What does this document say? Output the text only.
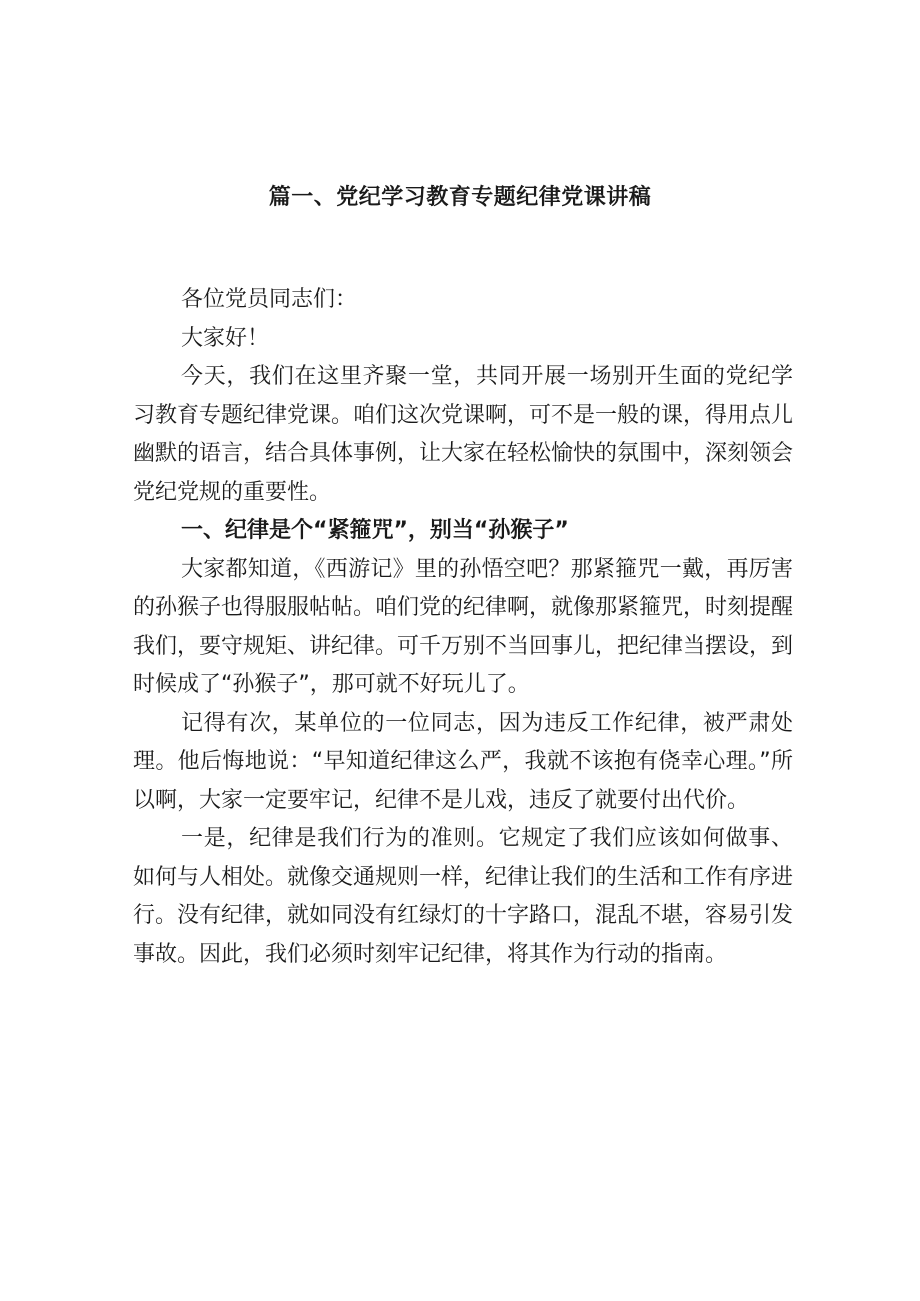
篇一、党纪学习教育专题纪律党课讲稿

各位党员同志们：

大家好！

今天，我们在这里齐聚一堂，共同开展一场别开生面的党纪学习教育专题纪律党课。咱们这次党课啊，可不是一般的课，得用点儿幽默的语言，结合具体事例，让大家在轻松愉快的氛围中，深刻领会党纪党规的重要性。

一、纪律是个“紧箍咒”，别当“孙猴子”

大家都知道，《西游记》里的孙悟空吧？那紧箍咒一戴，再厉害的孙猴子也得服服帖帖。咱们党的纪律啊，就像那紧箍咒，时刻提醒我们，要守规矩、讲纪律。可千万别不当回事儿，把纪律当摆设，到时候成了“孙猴子”，那可就不好玩儿了。

记得有次，某单位的一位同志，因为违反工作纪律，被严肃处理。他后悔地说：“早知道纪律这么严，我就不该抱有侥幸心理。”所以啊，大家一定要牢记，纪律不是儿戏，违反了就要付出代价。

一是，纪律是我们行为的准则。它规定了我们应该如何做事、如何与人相处。就像交通规则一样，纪律让我们的生活和工作有序进行。没有纪律，就如同没有红绿灯的十字路口，混乱不堪，容易引发事故。因此，我们必须时刻牢记纪律，将其作为行动的指南。
